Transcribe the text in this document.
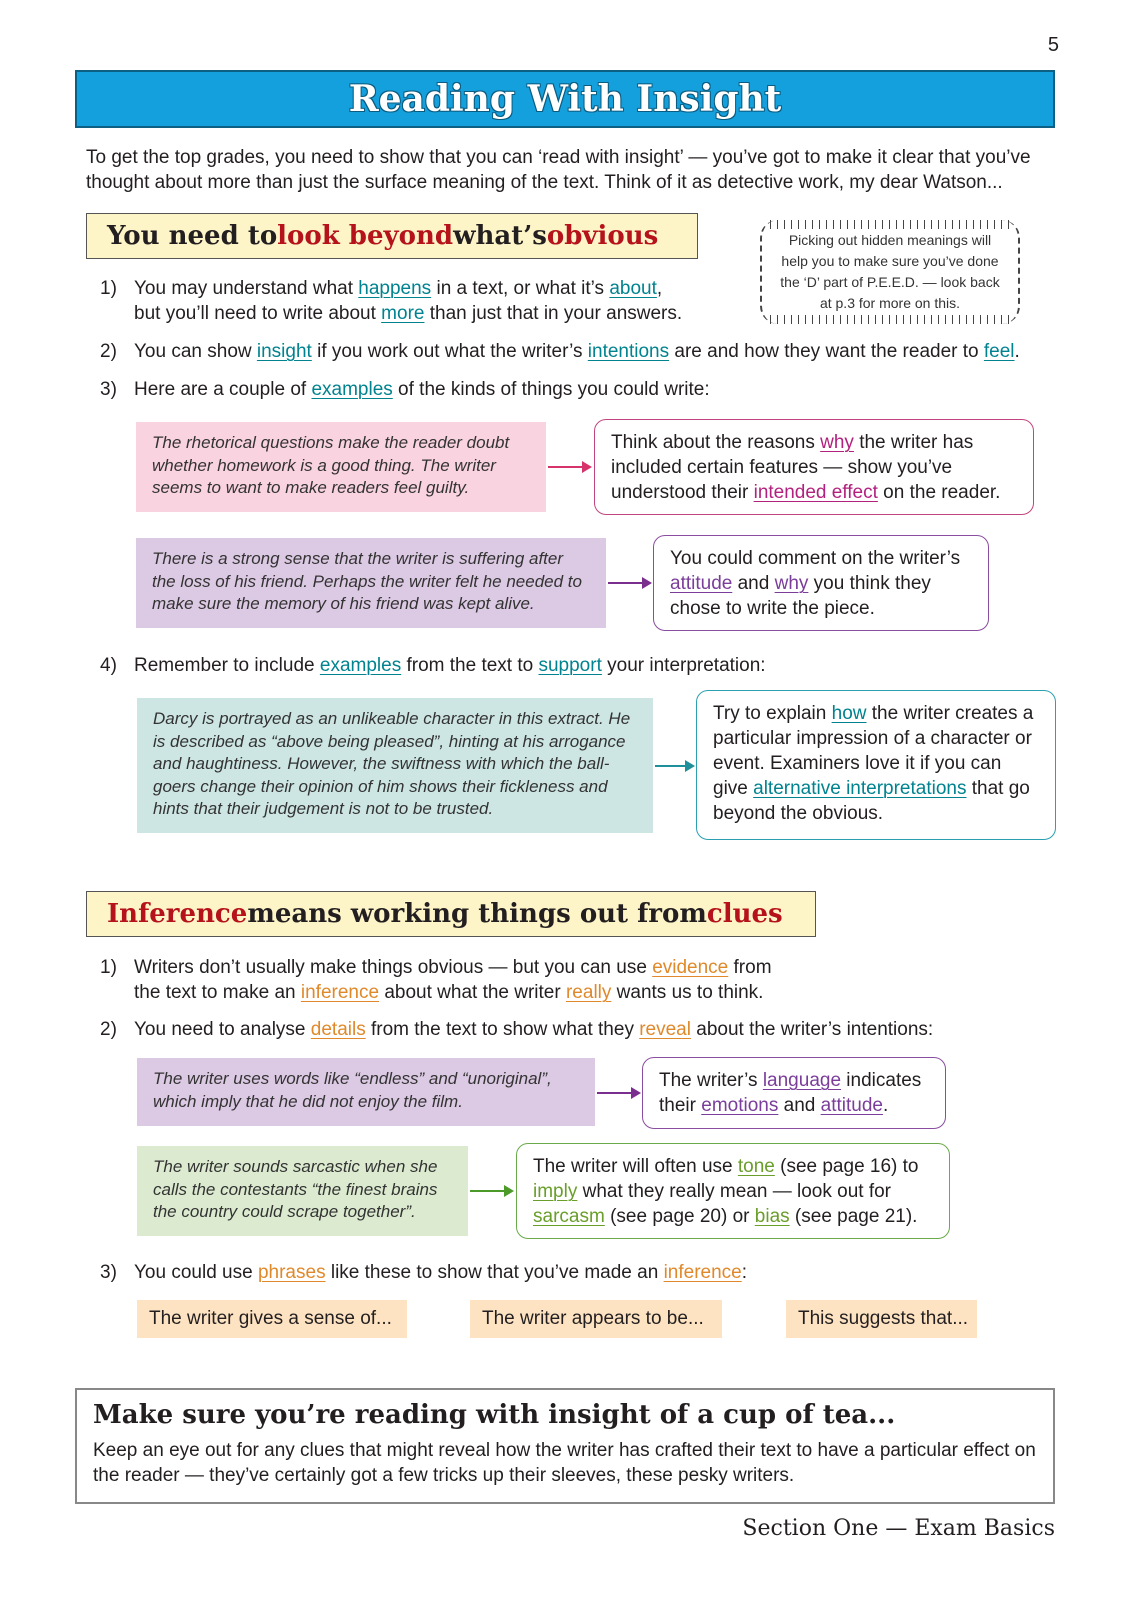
5
Reading With Insight
To get the top grades, you need to show that you can ‘read with insight’ — you’ve got to make it clear that you’ve thought about more than just the surface meaning of the text. Think of it as detective work, my dear Watson...
You need to look beyond what’s obvious	Picking out hidden meanings will help you to make sure you’ve done the ‘D’ part of P.E.E.D. — look back at p.3 for more on this.
1) You may understand what happens in a text, or what it’s about,
but you’ll need to write about more than just that in your answers.
2) You can show insight if you work out what the writer’s intentions are and how they want the reader to feel.
3) Here are a couple of examples of the kinds of things you could write:
The rhetorical questions make the reader doubt whether homework is a good thing. The writer seems to want to make readers feel guilty.
Think about the reasons why the writer has included certain features — show you’ve understood their intended effect on the reader.
There is a strong sense that the writer is suffering after the loss of his friend. Perhaps the writer felt he needed to make sure the memory of his friend was kept alive.
You could comment on the writer’s attitude and why you think they chose to write the piece.
4) Remember to include examples from the text to support your interpretation:
Darcy is portrayed as an unlikeable character in this extract. He is described as “above being pleased”, hinting at his arrogance and haughtiness. However, the swiftness with which the ball-goers change their opinion of him shows their fickleness and hints that their judgement is not to be trusted.
Try to explain how the writer creates a particular impression of a character or event. Examiners love it if you can give alternative interpretations that go beyond the obvious.
Inference means working things out from clues
1) Writers don’t usually make things obvious — but you can use evidence from
the text to make an inference about what the writer really wants us to think.
2) You need to analyse details from the text to show what they reveal about the writer’s intentions:
The writer uses words like “endless” and “unoriginal”, which imply that he did not enjoy the film.
The writer’s language indicates their emotions and attitude.
The writer sounds sarcastic when she calls the contestants “the finest brains the country could scrape together”.
The writer will often use tone (see page 16) to imply what they really mean — look out for sarcasm (see page 20) or bias (see page 21).
3) You could use phrases like these to show that you’ve made an inference:
The writer gives a sense of...	The writer appears to be...	This suggests that...
Make sure you’re reading with insight of a cup of tea...
Keep an eye out for any clues that might reveal how the writer has crafted their text to have a particular effect on the reader — they’ve certainly got a few tricks up their sleeves, these pesky writers.
Section One — Exam Basics
